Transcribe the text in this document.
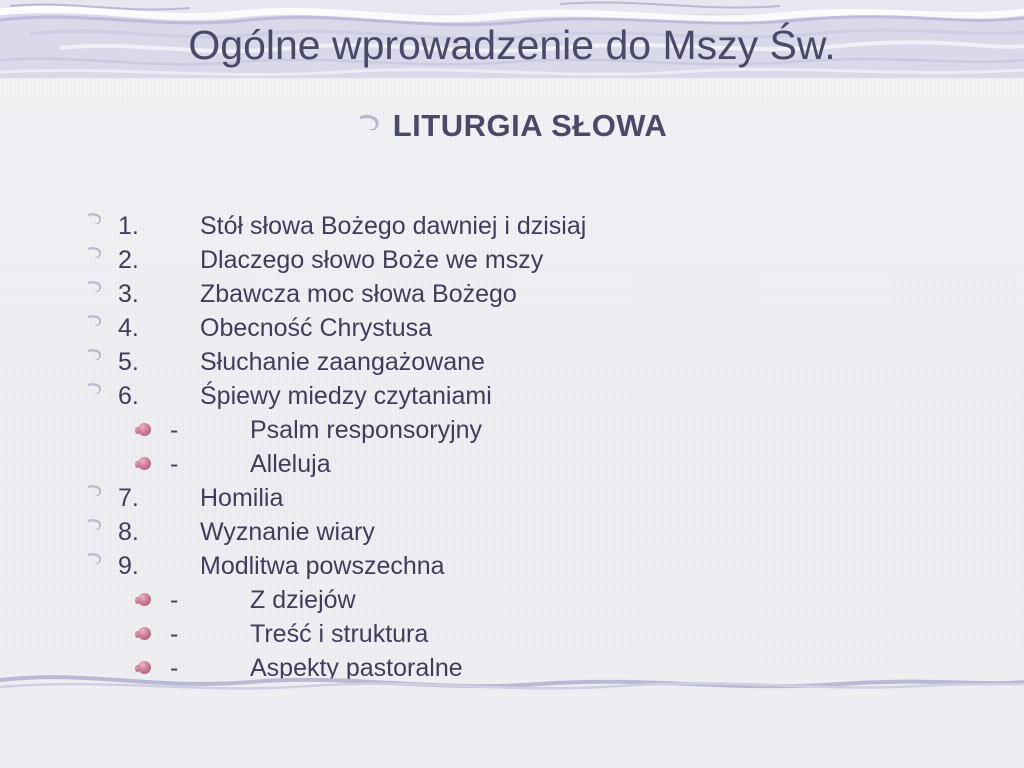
Ogólne wprowadzenie do Mszy Św.
LITURGIA SŁOWA
1.	Stół słowa Bożego dawniej i dzisiaj
2.	Dlaczego słowo Boże we mszy
3.	Zbawcza moc słowa Bożego
4.	Obecność Chrystusa
5.	Słuchanie zaangażowane
6.	Śpiewy miedzy czytaniami
-	Psalm responsoryjny
-	Alleluja
7.	Homilia
8.	Wyznanie wiary
9.	Modlitwa powszechna
-	Z dziejów
-	Treść i struktura
-	Aspekty pastoralne
